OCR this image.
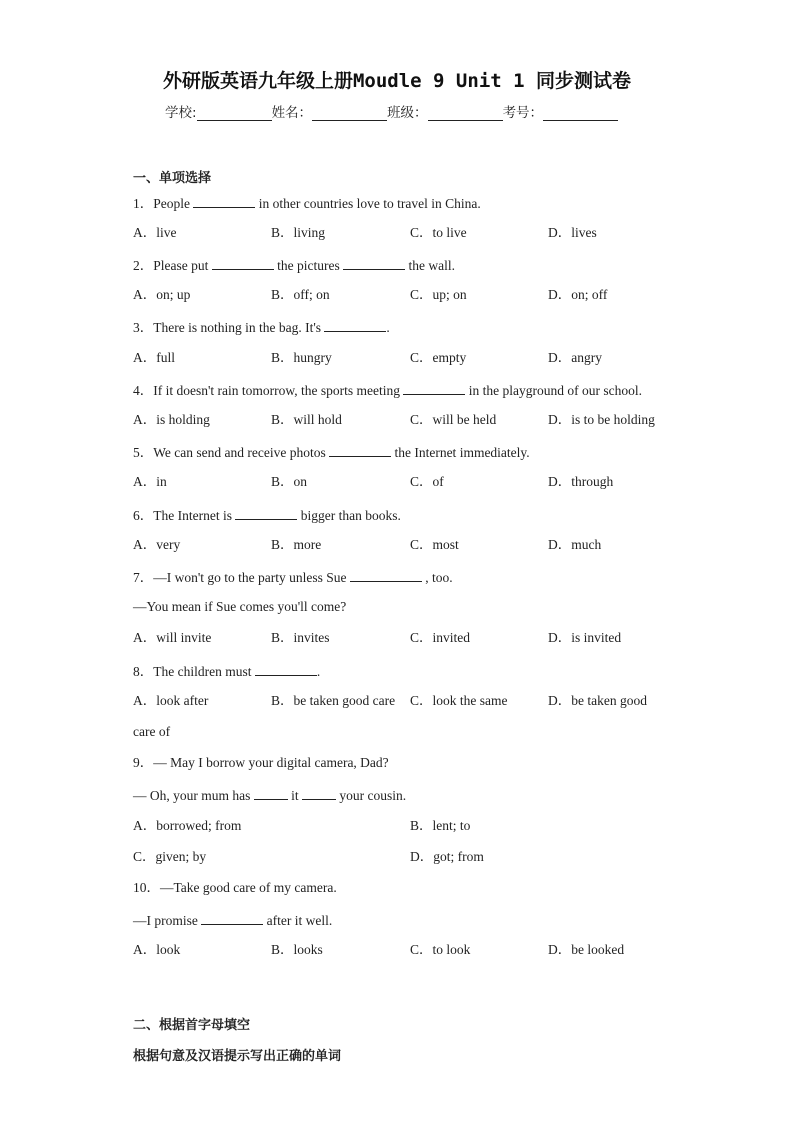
外研版英语九年级上册Moudle 9 Unit 1 同步测试卷
学校:	姓名：	班级：	考号：
一、单项选择
1．People	in other countries love to travel in China.
A．live	B．living	C．to live	D．lives
2．Please put	the pictures	the wall.
A．on; up	B．off; on	C．up; on	D．on; off
3．There is nothing in the bag. It's	.
A．full	B．hungry	C．empty	D．angry
4．If it doesn't rain tomorrow, the sports meeting	in the playground of our school.
A．is holding	B．will hold	C．will be held	D．is to be holding
5．We can send and receive photos	the Internet immediately.
A．in	B．on	C．of	D．through
6．The Internet is	bigger than books.
A．very	B．more	C．most	D．much
7．—I won't go to the party unless Sue	, too.
—You mean if Sue comes you'll come?
A．will invite	B．invites	C．invited	D．is invited
8．The children must	.
A．look after	B．be taken good care C．look the same	D．be taken good
care of
9．— May I borrow your digital camera, Dad?
— Oh, your mum has	it	your cousin.
A．borrowed; from	B．lent; to
C．given; by	D．got; from
10．—Take good care of my camera.
—I promise	after it well.
A．look	B．looks	C．to look	D．be looked
二、根据首字母填空
根据句意及汉语提示写出正确的单词
